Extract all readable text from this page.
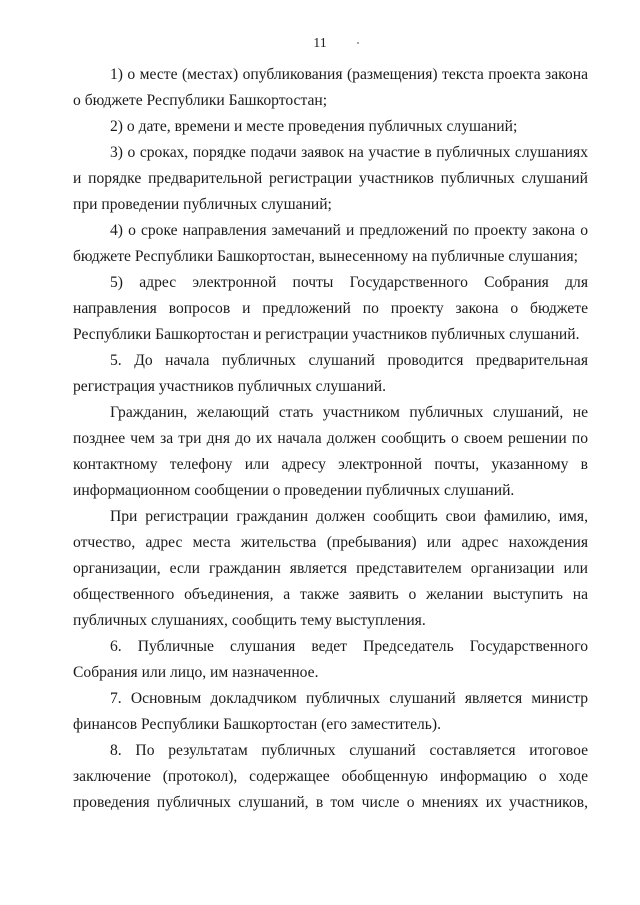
11

1) о месте (местах) опубликования (размещения) текста проекта закона о бюджете Республики Башкортостан;

2) о дате, времени и месте проведения публичных слушаний;

3) о сроках, порядке подачи заявок на участие в публичных слушаниях и порядке предварительной регистрации участников публичных слушаний при проведении публичных слушаний;

4) о сроке направления замечаний и предложений по проекту закона о бюджете Республики Башкортостан, вынесенному на публичные слушания;

5) адрес электронной почты Государственного Собрания для направления вопросов и предложений по проекту закона о бюджете Республики Башкортостан и регистрации участников публичных слушаний.

5. До начала публичных слушаний проводится предварительная регистрация участников публичных слушаний.

Гражданин, желающий стать участником публичных слушаний, не позднее чем за три дня до их начала должен сообщить о своем решении по контактному телефону или адресу электронной почты, указанному в информационном сообщении о проведении публичных слушаний.

При регистрации гражданин должен сообщить свои фамилию, имя, отчество, адрес места жительства (пребывания) или адрес нахождения организации, если гражданин является представителем организации или общественного объединения, а также заявить о желании выступить на публичных слушаниях, сообщить тему выступления.

6. Публичные слушания ведет Председатель Государственного Собрания или лицо, им назначенное.

7. Основным докладчиком публичных слушаний является министр финансов Республики Башкортостан (его заместитель).

8. По результатам публичных слушаний составляется итоговое заключение (протокол), содержащее обобщенную информацию о ходе проведения публичных слушаний, в том числе о мнениях их участников,
